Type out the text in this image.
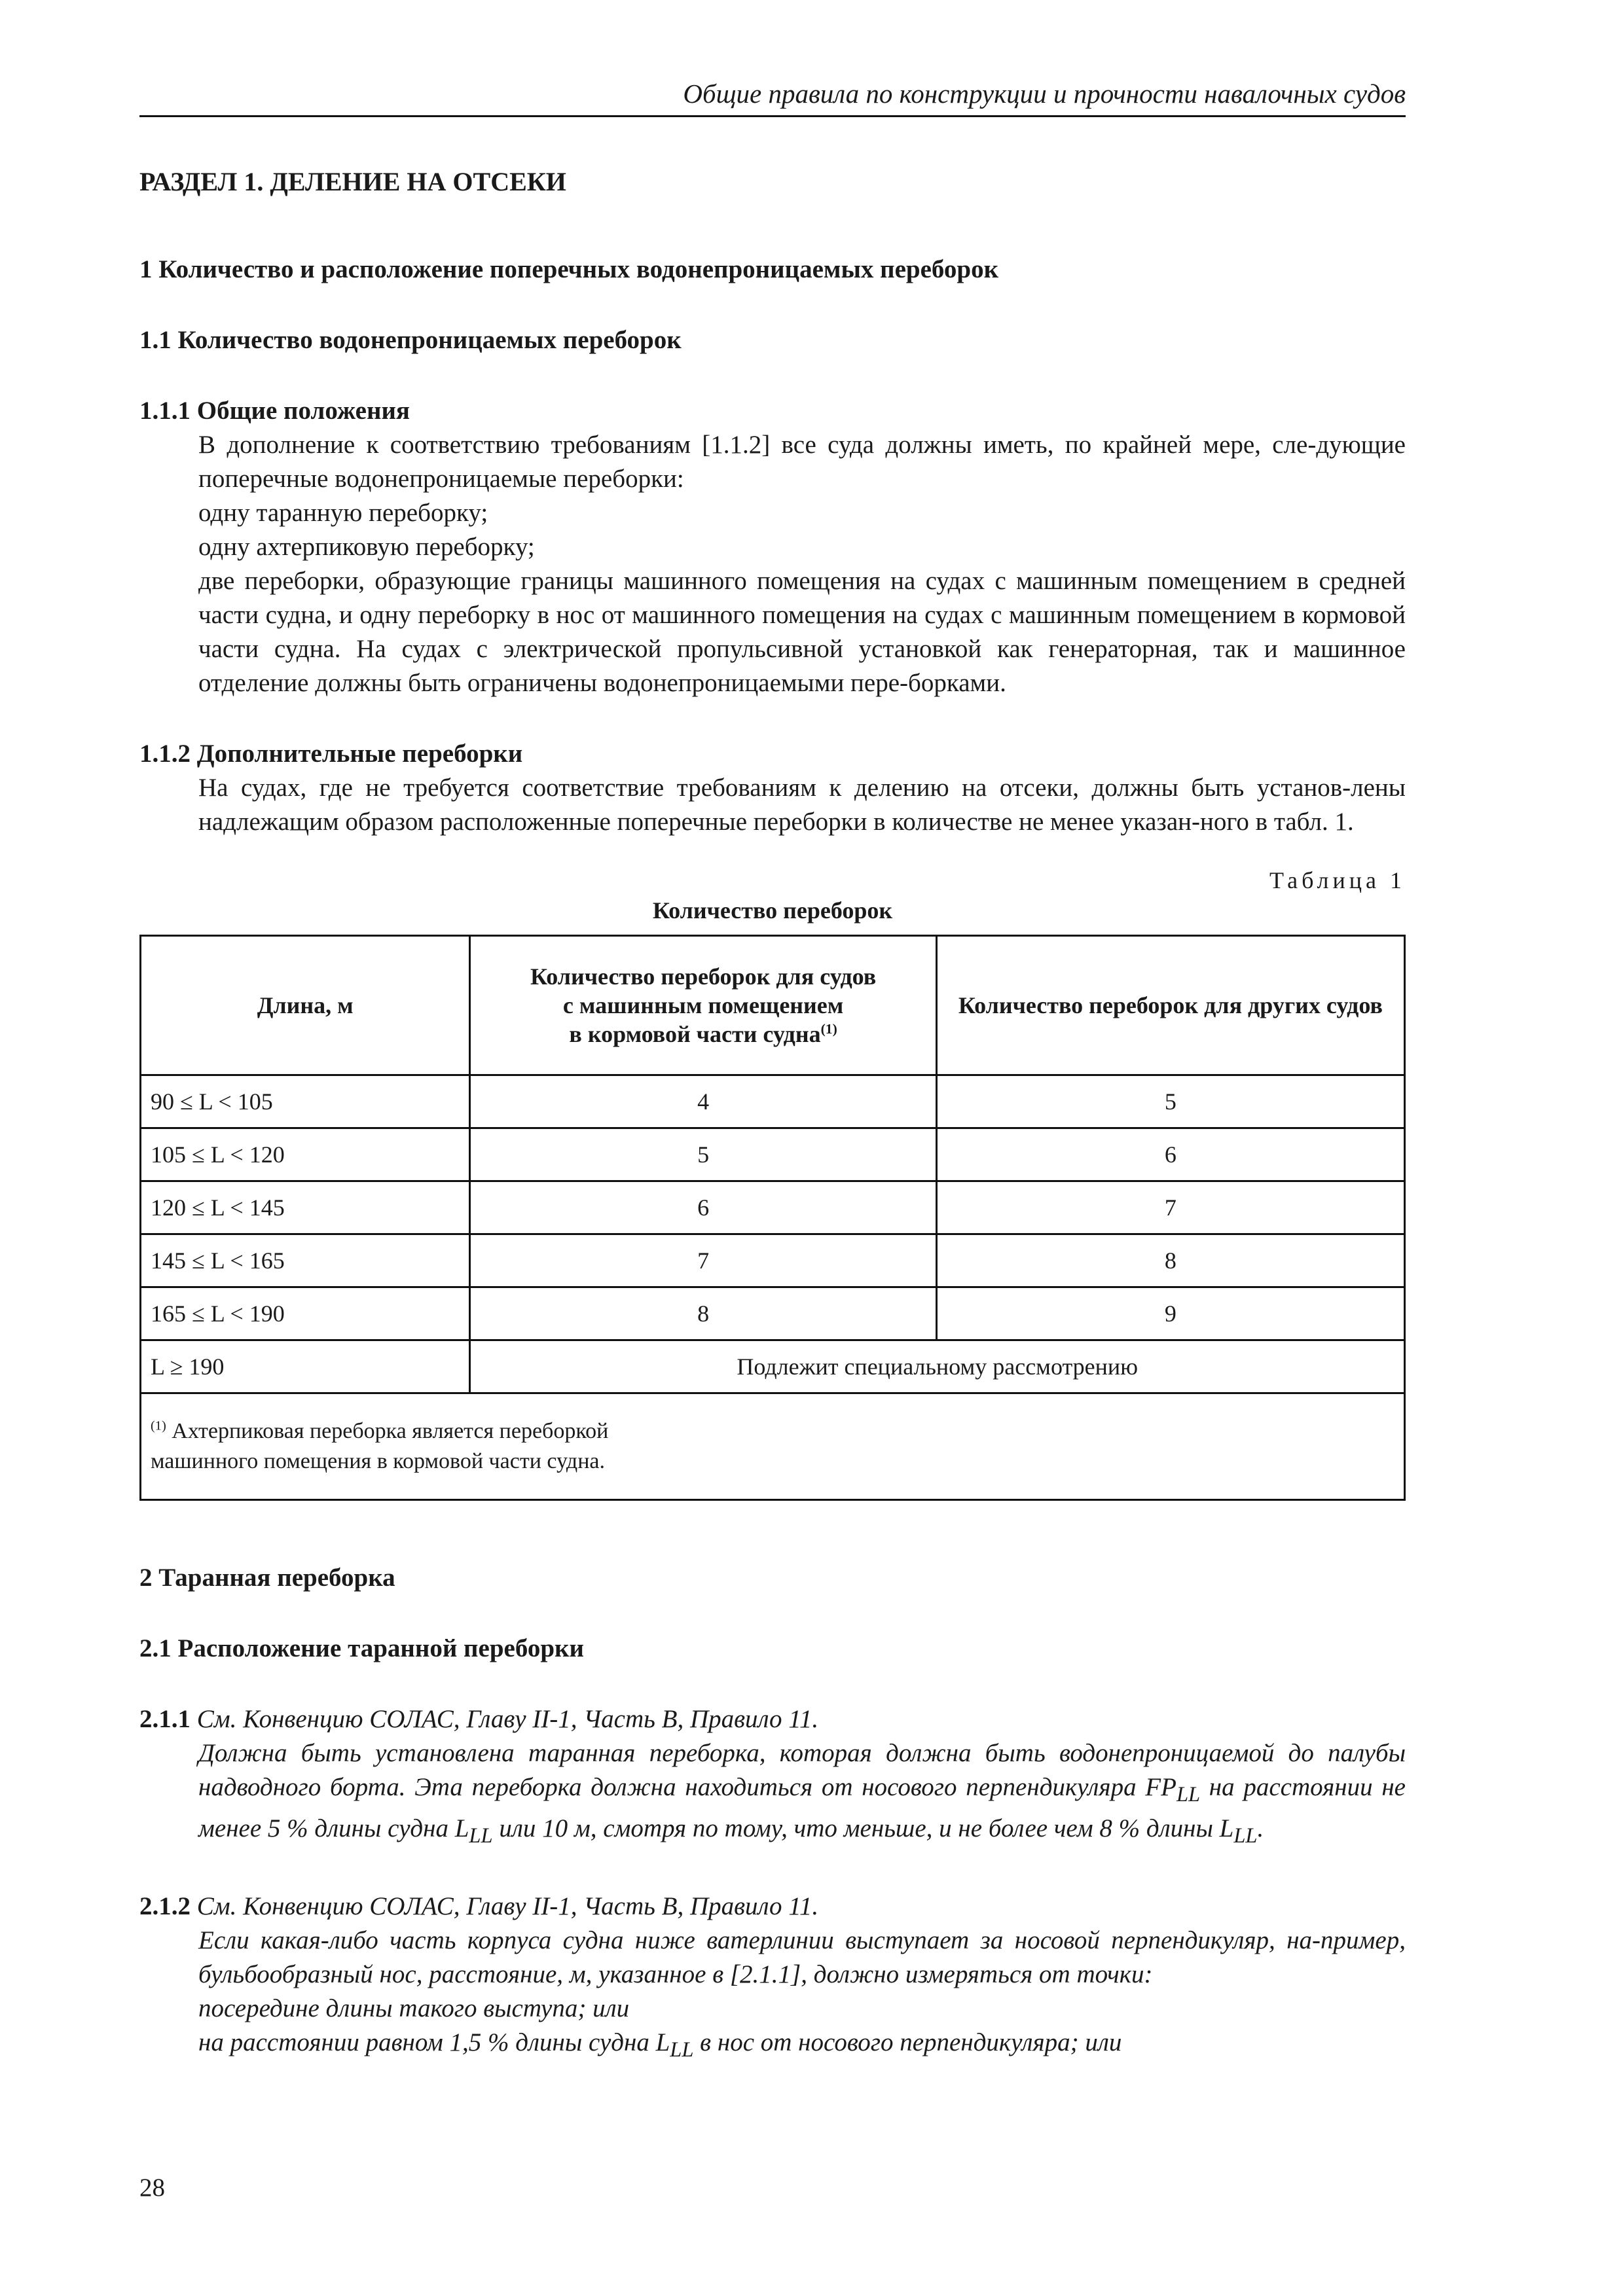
Общие правила по конструкции и прочности навалочных судов
РАЗДЕЛ 1. ДЕЛЕНИЕ НА ОТСЕКИ
1 Количество и расположение поперечных водонепроницаемых переборок
1.1 Количество водонепроницаемых переборок
1.1.1 Общие положения

В дополнение к соответствию требованиям [1.1.2] все суда должны иметь, по крайней мере, сле-дующие поперечные водонепроницаемые переборки:

одну таранную переборку;

одну ахтерпиковую переборку;

две переборки, образующие границы машинного помещения на судах с машинным помещением в средней части судна, и одну переборку в нос от машинного помещения на судах с машинным помещением в кормовой части судна. На судах с электрической пропульсивной установкой как генераторная, так и машинное отделение должны быть ограничены водонепроницаемыми пере-борками.

1.1.2 Дополнительные переборки

На судах, где не требуется соответствие требованиям к делению на отсеки, должны быть установ-лены надлежащим образом расположенные поперечные переборки в количестве не менее указан-ного в табл. 1.

Таблица 1

Количество переборок

Длина, м	Количество переборок для судов
с машинным помещением
в кормовой части судна$^{(1)}$	Количество переборок для других судов
90 ≤ L < 105	4	5
105 ≤ L < 120	5	6
120 ≤ L < 145	6	7
145 ≤ L < 165	7	8
165 ≤ L < 190	8	9
L ≥ 190	Подлежит специальному рассмотрению	
$^{(1)}$ Ахтерпиковая переборка является переборкой
машинного помещения в кормовой части судна.		
2 Таранная переборка
2.1 Расположение таранной переборки

2.1.1 См. Конвенцию СОЛАС, Главу II-1, Часть B, Правило 11.

Должна быть установлена таранная переборка, которая должна быть водонепроницаемой до палубы надводного борта. Эта переборка должна находиться от носового перпендикуляра $FP_{LL}$ на расстоянии не менее 5 % длины судна $L_{LL}$ или 10 м, смотря по тому, что меньше, и не более чем 8 % длины $L_{LL}$.

2.1.2 См. Конвенцию СОЛАС, Главу II-1, Часть B, Правило 11.

Если какая-либо часть корпуса судна ниже ватерлинии выступает за носовой перпендикуляр, на-пример, бульбообразный нос, расстояние, м, указанное в [2.1.1], должно измеряться от точки:

посередине длины такого выступа; или

на расстоянии равном 1,5 % длины судна $L_{LL}$ в нос от носового перпендикуляра; или

28
